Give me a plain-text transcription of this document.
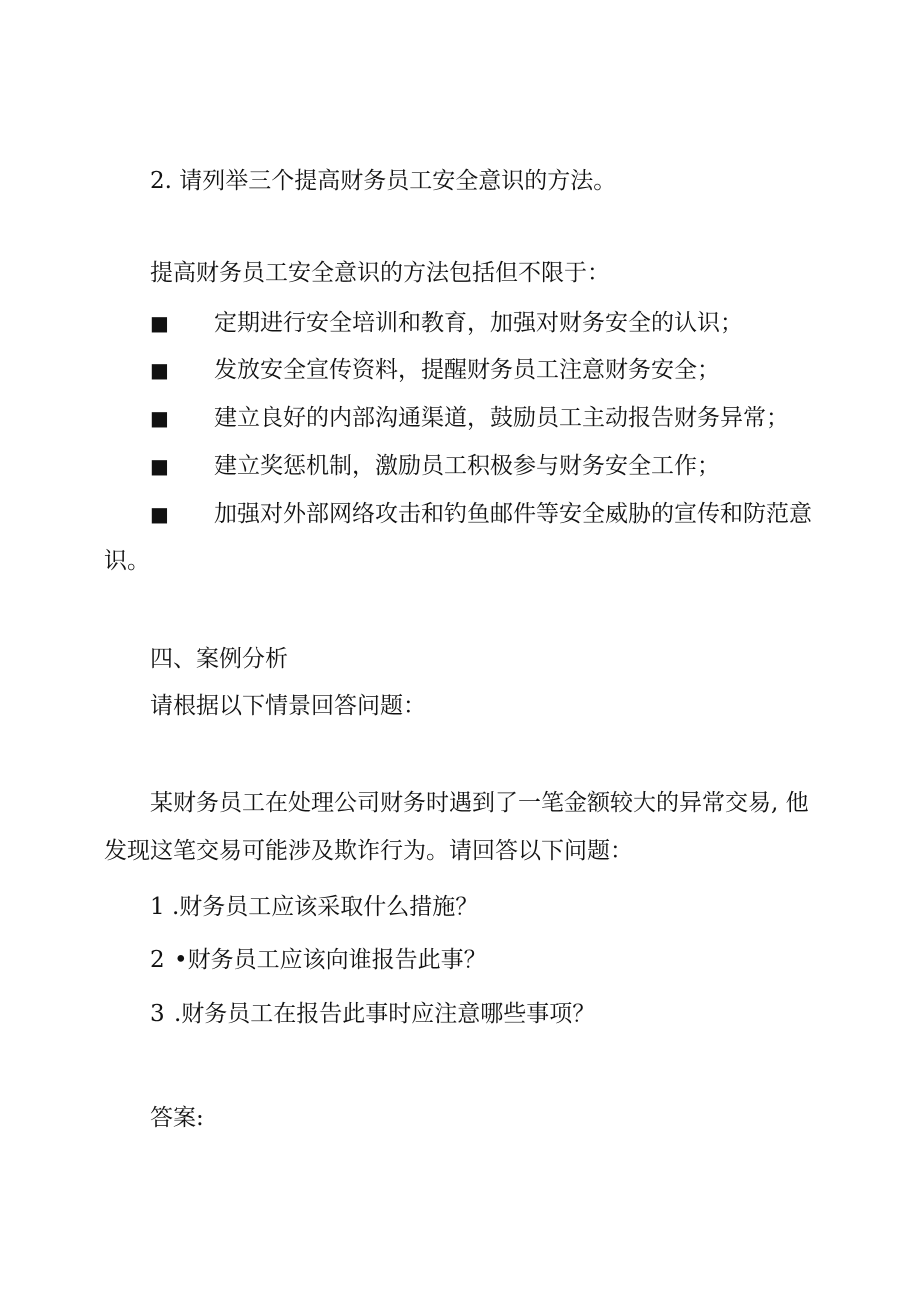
2. 请列举三个提高财务员工安全意识的方法。
提高财务员工安全意识的方法包括但不限于：
■ 定期进行安全培训和教育，加强对财务安全的认识；
■ 发放安全宣传资料，提醒财务员工注意财务安全；
■ 建立良好的内部沟通渠道，鼓励员工主动报告财务异常；
■ 建立奖惩机制，激励员工积极参与财务安全工作；
■ 加强对外部网络攻击和钓鱼邮件等安全威胁的宣传和防范意
识。
四、案例分析
请根据以下情景回答问题：
某财务员工在处理公司财务时遇到了一笔金额较大的异常交易, 他
发现这笔交易可能涉及欺诈行为。请回答以下问题：
1 .财务员工应该采取什么措施？
2 •财务员工应该向谁报告此事？
3 .财务员工在报告此事时应注意哪些事项？
答案:
